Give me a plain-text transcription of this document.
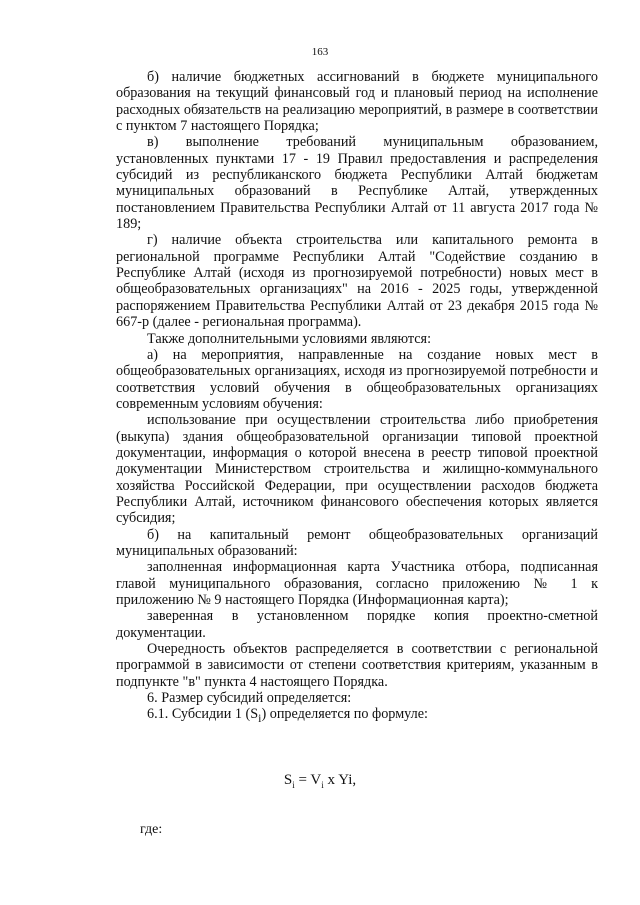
163

б) наличие бюджетных ассигнований в бюджете муниципального образования на текущий финансовый год и плановый период на исполнение расходных обязательств на реализацию мероприятий, в размере в соответствии с пунктом 7 настоящего Порядка;

в) выполнение требований муниципальным образованием, установленных пунктами 17 - 19 Правил предоставления и распределения субсидий из республиканского бюджета Республики Алтай бюджетам муниципальных образований в Республике Алтай, утвержденных постановлением Правительства Республики Алтай от 11 августа 2017 года № 189;

г) наличие объекта строительства или капитального ремонта в региональной программе Республики Алтай "Содействие созданию в Республике Алтай (исходя из прогнозируемой потребности) новых мест в общеобразовательных организациях" на 2016 - 2025 годы, утвержденной распоряжением Правительства Республики Алтай от 23 декабря 2015 года № 667-р (далее - региональная программа).

Также дополнительными условиями являются:

а) на мероприятия, направленные на создание новых мест в общеобразовательных организациях, исходя из прогнозируемой потребности и соответствия условий обучения в общеобразовательных организациях современным условиям обучения:

использование при осуществлении строительства либо приобретения (выкупа) здания общеобразовательной организации типовой проектной документации, информация о которой внесена в реестр типовой проектной документации Министерством строительства и жилищно-коммунального хозяйства Российской Федерации, при осуществлении расходов бюджета Республики Алтай, источником финансового обеспечения которых является субсидия;

б) на капитальный ремонт общеобразовательных организаций муниципальных образований:

заполненная информационная карта Участника отбора, подписанная главой муниципального образования, согласно приложению № 1 к приложению № 9 настоящего Порядка (Информационная карта);

заверенная в установленном порядке копия проектно-сметной документации.

Очередность объектов распределяется в соответствии с региональной программой в зависимости от степени соответствия критериям, указанным в подпункте "в" пункта 4 настоящего Порядка.

6. Размер субсидий определяется:

6.1. Субсидии 1 $(S_i)$ определяется по формуле:

$S_i = V_i$ x Yi,
где:
